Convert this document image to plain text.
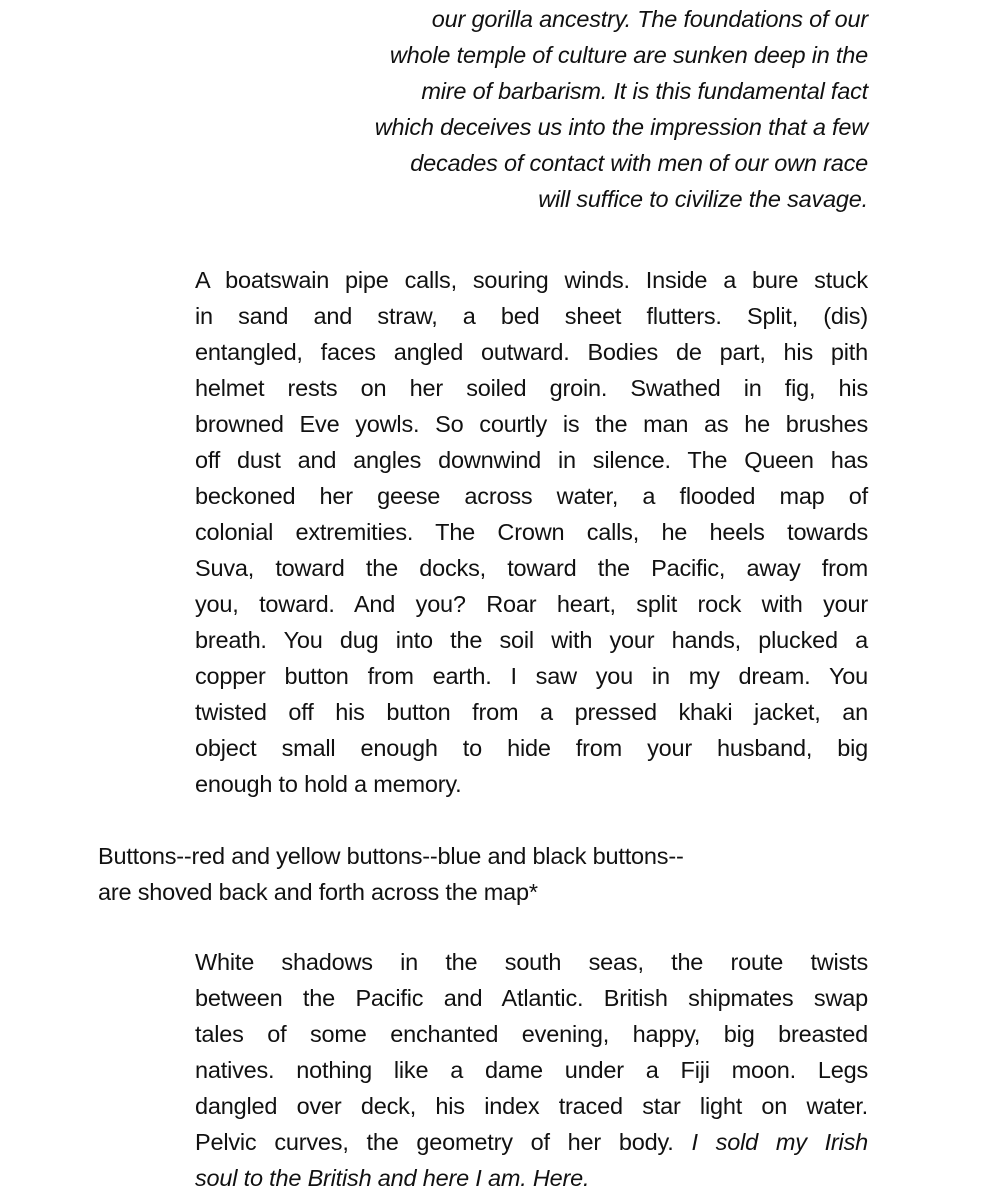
our gorilla ancestry. The foundations of our

whole temple of culture are sunken deep in the

mire of barbarism. It is this fundamental fact

which deceives us into the impression that a few

decades of contact with men of our own race

will suffice to civilize the savage.

A boatswain pipe calls, souring winds. Inside a bure stuck

in sand and straw, a bed sheet flutters. Split, (dis)

entangled, faces angled outward. Bodies de part, his pith

helmet rests on her soiled groin. Swathed in fig, his

browned Eve yowls. So courtly is the man as he brushes

off dust and angles downwind in silence. The Queen has

beckoned her geese across water, a flooded map of

colonial extremities. The Crown calls, he heels towards

Suva, toward the docks, toward the Pacific, away from

you, toward. And you? Roar heart, split rock with your

breath. You dug into the soil with your hands, plucked a

copper button from earth. I saw you in my dream. You

twisted off his button from a pressed khaki jacket, an

object small enough to hide from your husband, big

enough to hold a memory.

Buttons--red and yellow buttons--blue and black buttons--

are shoved back and forth across the map*

White shadows in the south seas, the route twists

between the Pacific and Atlantic. British shipmates swap

tales of some enchanted evening, happy, big breasted

natives. nothing like a dame under a Fiji moon. Legs

dangled over deck, his index traced star light on water.

Pelvic curves, the geometry of her body. I sold my Irish

soul to the British and here I am. Here.
